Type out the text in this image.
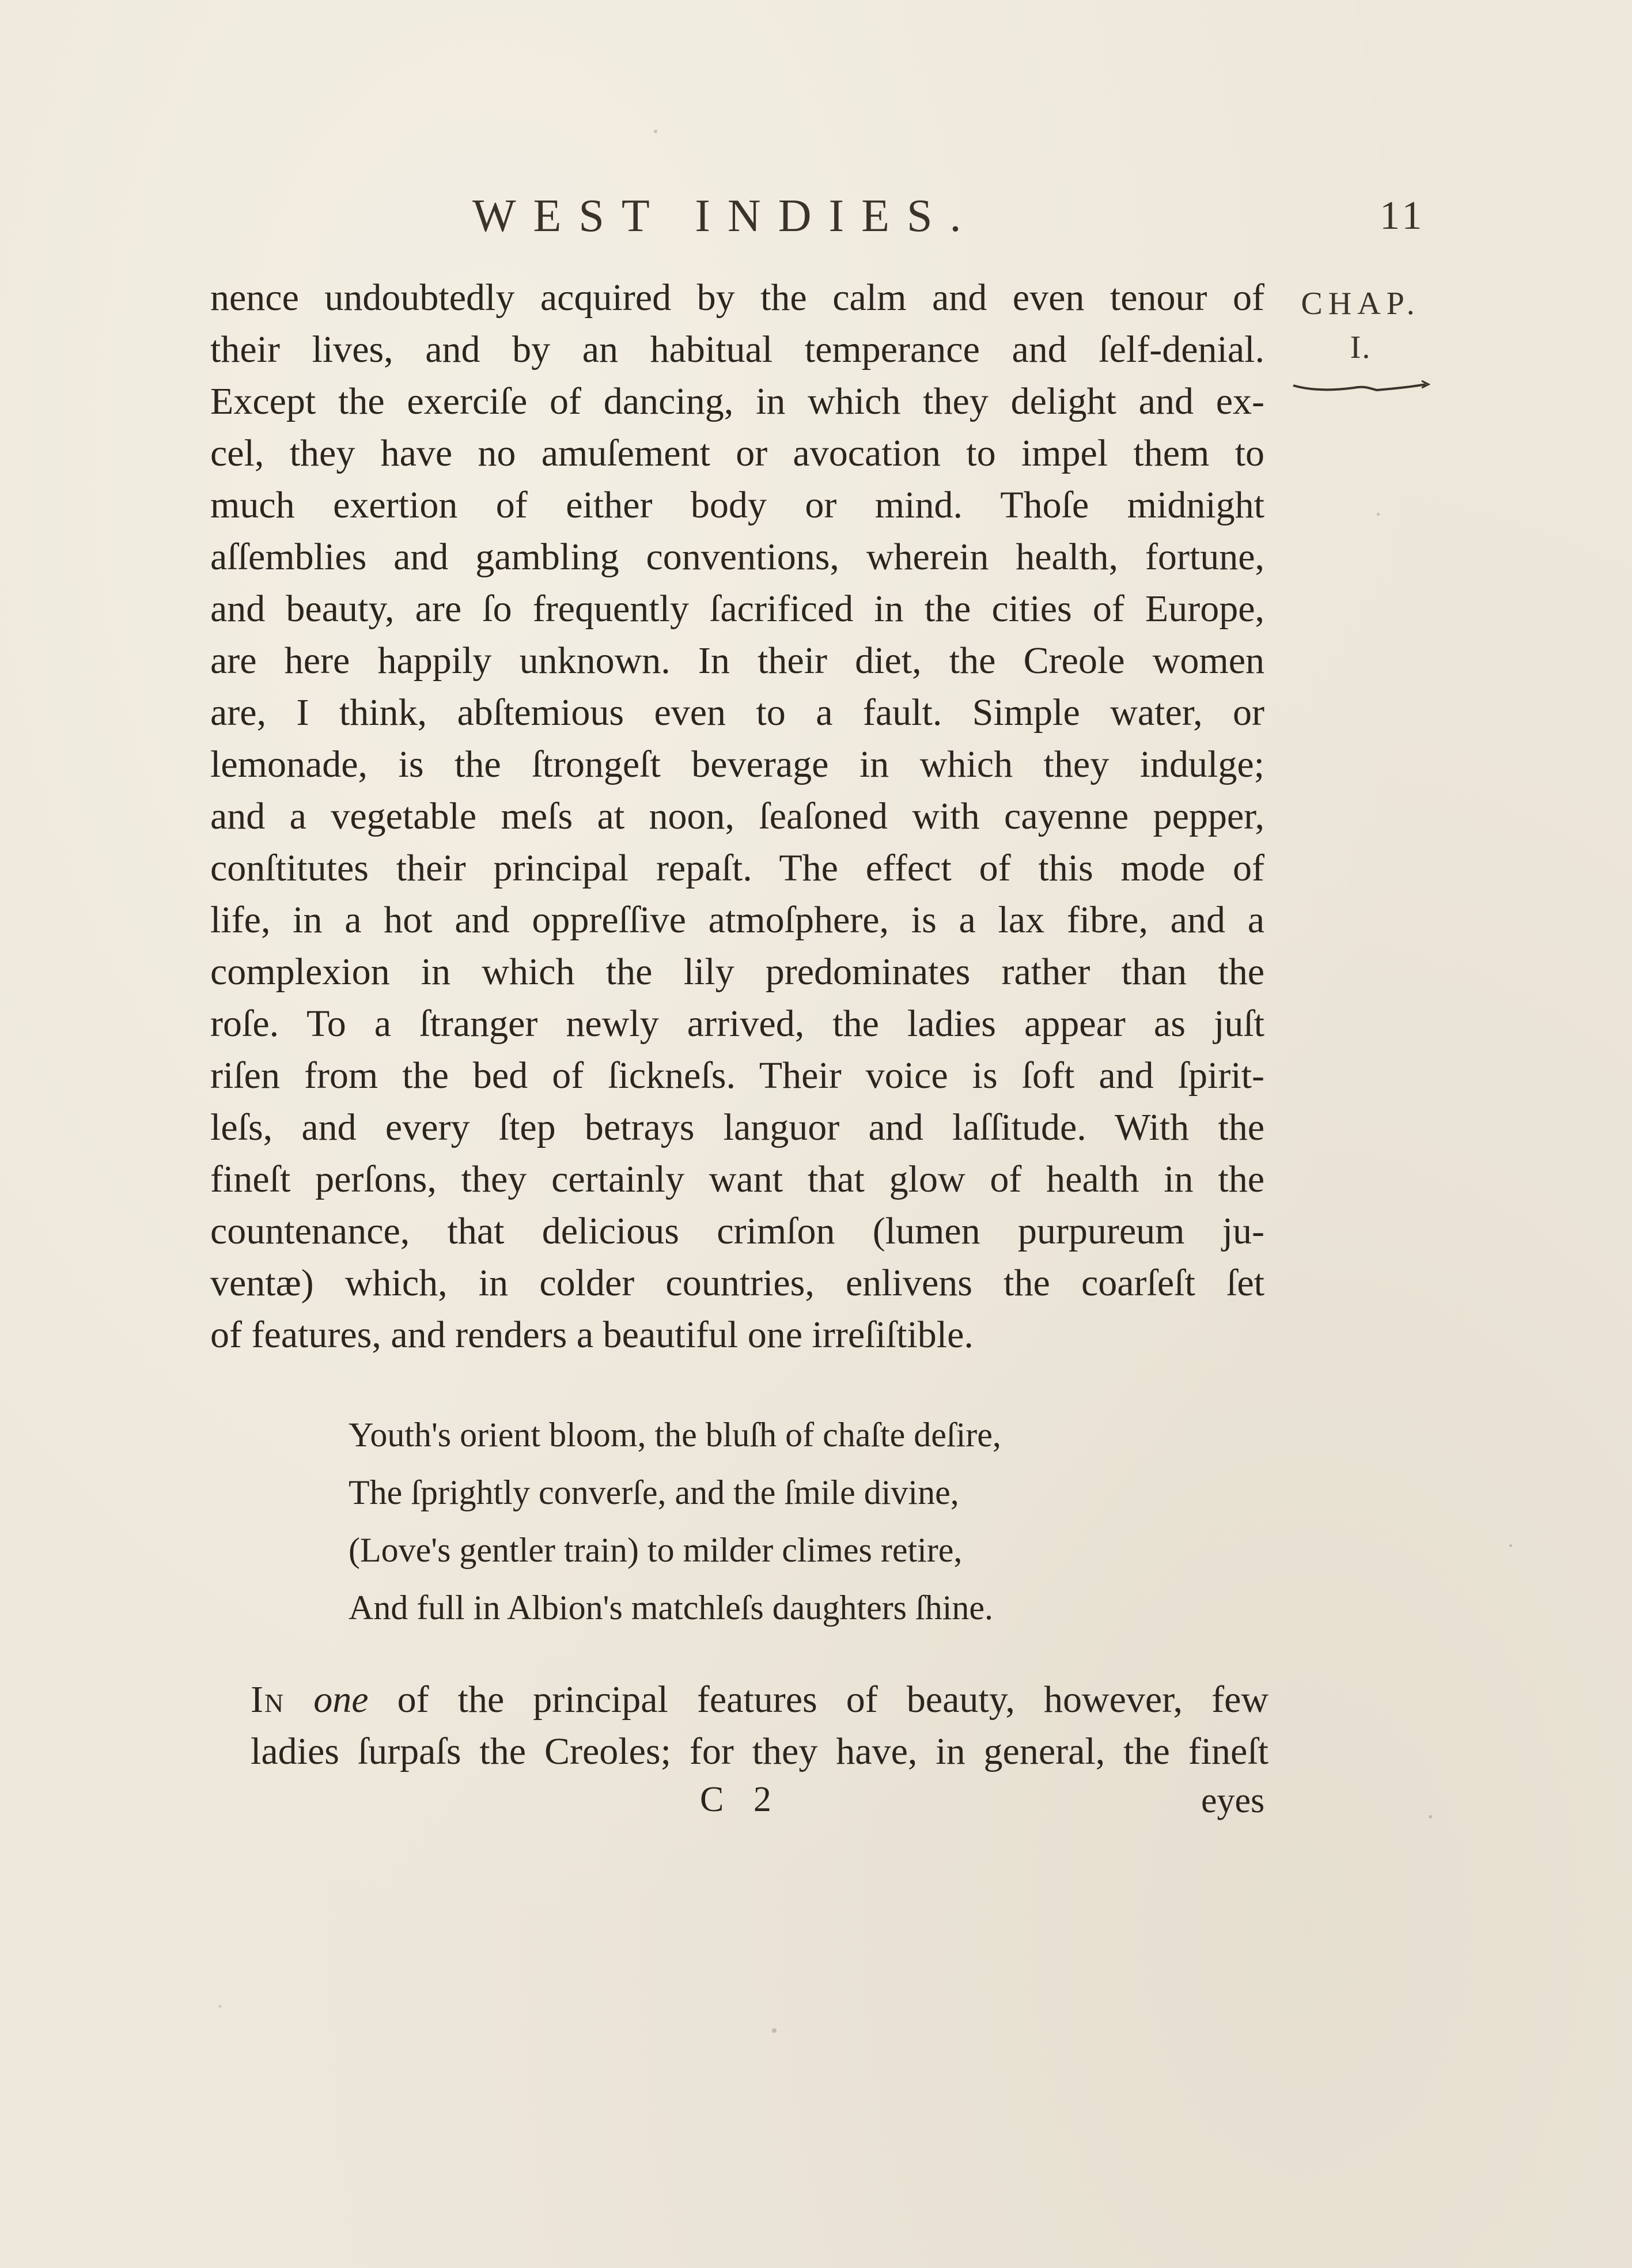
WEST INDIES.	11
CHAP.
I.
nence undoubtedly acquired by the calm and even tenour of
their lives, and by an habitual temperance and ſelf-denial.
Except the exerciſe of dancing, in which they delight and ex-
cel, they have no amuſement or avocation to impel them to
much exertion of either body or mind. Thoſe midnight
aſſemblies and gambling conventions, wherein health, fortune,
and beauty, are ſo frequently ſacrificed in the cities of Europe,
are here happily unknown. In their diet, the Creole women
are, I think, abſtemious even to a fault. Simple water, or
lemonade, is the ſtrongeſt beverage in which they indulge;
and a vegetable meſs at noon, ſeaſoned with cayenne pepper,
conſtitutes their principal repaſt. The effect of this mode of
life, in a hot and oppreſſive atmoſphere, is a lax fibre, and a
complexion in which the lily predominates rather than the
roſe. To a ſtranger newly arrived, the ladies appear as juſt
riſen from the bed of ſickneſs. Their voice is ſoft and ſpirit-
leſs, and every ſtep betrays languor and laſſitude. With the
fineſt perſons, they certainly want that glow of health in the
countenance, that delicious crimſon (lumen purpureum ju-
ventæ) which, in colder countries, enlivens the coarſeſt ſet
of features, and renders a beautiful one irreſiſtible.
Youth's orient bloom, the bluſh of chaſte deſire,
The ſprightly converſe, and the ſmile divine,
(Love's gentler train) to milder climes retire,
And full in Albion's matchleſs daughters ſhine.
In one of the principal features of beauty, however, few
ladies ſurpaſs the Creoles; for they have, in general, the fineſt
C 2	eyes
